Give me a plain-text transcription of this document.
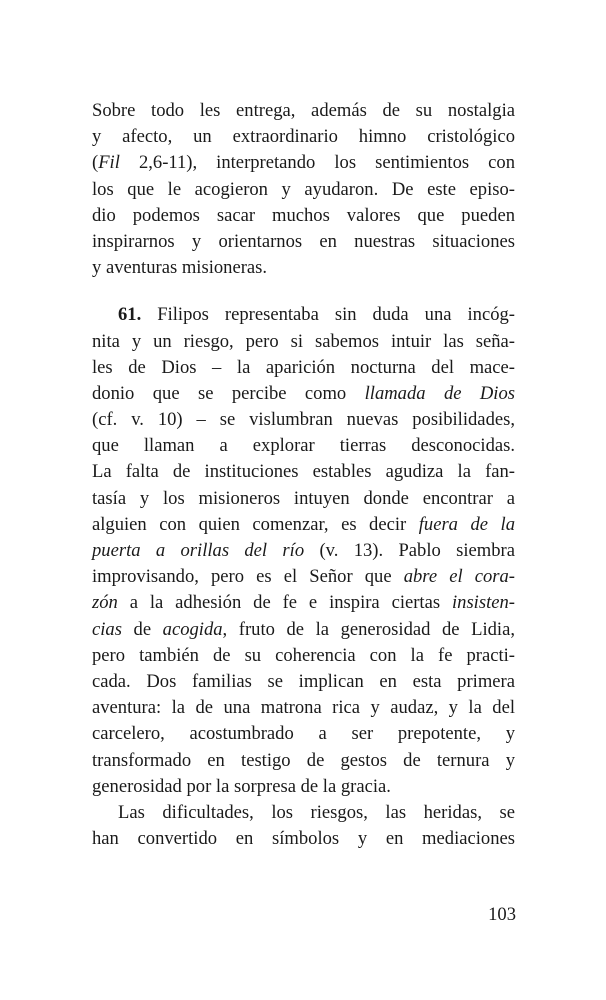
Sobre todo les entrega, además de su nostalgia
y afecto, un extraordinario himno cristológico
(Fil 2,6-11), interpretando los sentimientos con
los que le acogieron y ayudaron. De este episo-
dio podemos sacar muchos valores que pueden
inspirarnos y orientarnos en nuestras situaciones
y aventuras misioneras.
61. Filipos representaba sin duda una incóg-
nita y un riesgo, pero si sabemos intuir las seña-
les de Dios – la aparición nocturna del mace-
donio que se percibe como llamada de Dios
(cf. v. 10) – se vislumbran nuevas posibilidades,
que llaman a explorar tierras desconocidas.
La falta de instituciones estables agudiza la fan-
tasía y los misioneros intuyen donde encontrar a
alguien con quien comenzar, es decir fuera de la
puerta a orillas del río (v. 13). Pablo siembra
improvisando, pero es el Señor que abre el cora-
zón a la adhesión de fe e inspira ciertas insisten-
cias de acogida, fruto de la generosidad de Lidia,
pero también de su coherencia con la fe practi-
cada. Dos familias se implican en esta primera
aventura: la de una matrona rica y audaz, y la del
carcelero, acostumbrado a ser prepotente, y
transformado en testigo de gestos de ternura y
generosidad por la sorpresa de la gracia.
Las dificultades, los riesgos, las heridas, se
han convertido en símbolos y en mediaciones
103
